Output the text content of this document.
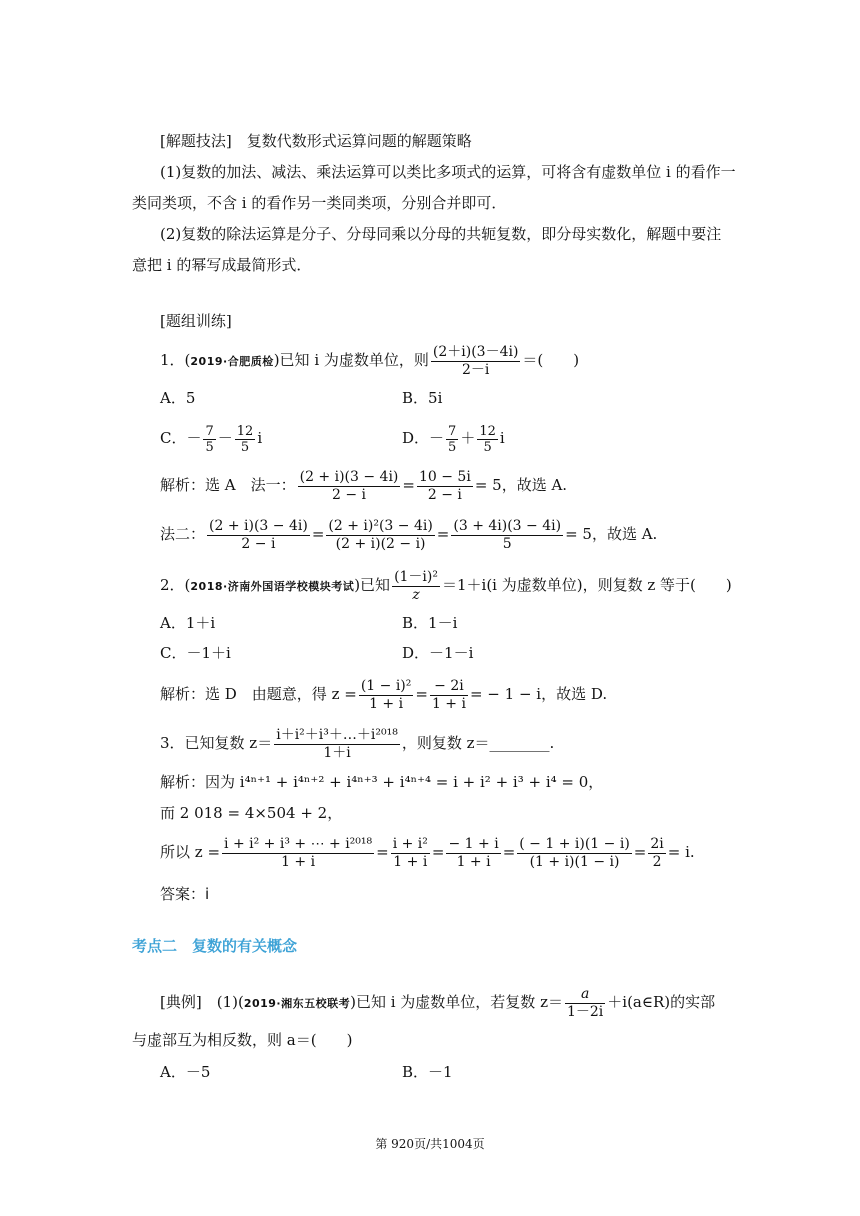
[解题技法]　复数代数形式运算问题的解题策略
(1)复数的加法、减法、乘法运算可以类比多项式的运算，可将含有虚数单位 i 的看作一
类同类项，不含 i 的看作另一类同类项，分别合并即可．
(2)复数的除法运算是分子、分母同乘以分母的共轭复数，即分母实数化，解题中要注
意把 i 的幂写成最简形式．
[题组训练]
1．(2019·合肥质检)已知 i 为虚数单位，则 $\frac{(2+i)(3-4i)}{2-i}$ ＝(　　)
A．5	B．5i
C．－ $\frac{7}{5} - \frac{12}{5}$ i	D．－ $\frac{7}{5} + \frac{12}{5}$ i
解析：选 A　法一： $\frac{(2 + i)(3 - 4i)}{2 - i} = \frac{10 - 5i}{2 - i} = 5$，故选 A.
法二： $\frac{(2 + i)(3 - 4i)}{2 - i} = \frac{\text{(2 + i)²(3 − 4i)}}{(2 + i)(2 - i)} = \frac{(3 + 4i)(3 - 4i)}{5} = 5$，故选 A.
2．(2018·济南外国语学校模块考试)已知 $\frac{\text{(1－i)²}}{z} =1+i(i$ 为虚数单位)，则复数 z 等于(　　)
A．1＋i	B．1－i
C．－1＋i	D．－1－i
解析：选 D　由题意，得 $z = \frac{\text{(1 − i)²}}{1 + i} = \frac{- 2i}{1 + i}$ = − 1 − i，故选 D.
3．已知复数 $z= \frac{\text{i＋i²＋i³＋…＋i²⁰¹⁸}}{1+i}$ ，则复数 z＝________.
解析：因为 i⁴ⁿ⁺¹ + i⁴ⁿ⁺² + i⁴ⁿ⁺³ + i⁴ⁿ⁺⁴ = i + i² + i³ + i⁴ = 0，
而 2 018 = 4×504 + 2，
所以 $z = \frac{\text{i + i² + i³ + ⋯ + i²⁰¹⁸}}{1 + i} = \frac{\text{i + i²}}{1 + i} = \frac{- 1 + i}{1 + i} = \frac{( - 1 + i)(1 - i)}{(1 + i)(1 - i)} = \frac{2i}{2} = i$.
答案：i
考点二　复数的有关概念
[典例]　(1)(2019·湘东五校联考)已知 i 为虚数单位，若复数 $z= \frac{a}{1-2i}$ ＋i(a∈R)的实部
与虚部互为相反数，则 a＝(　　)
A．－5	B．－1
第 920页/共1004页
